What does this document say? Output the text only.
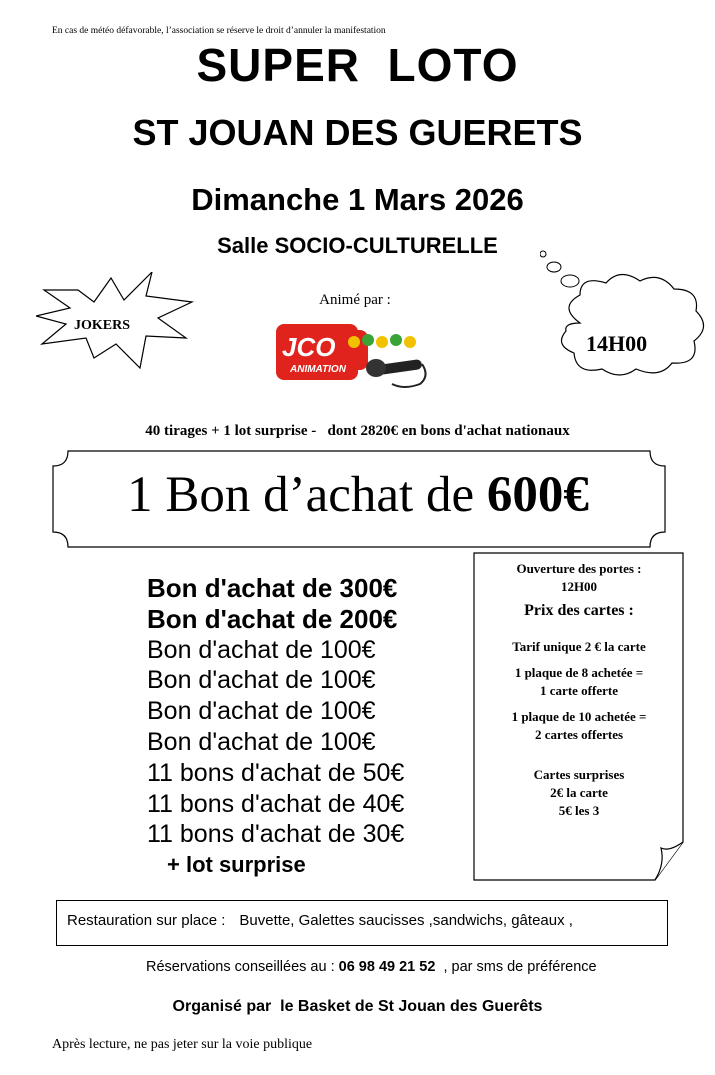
En cas de météo défavorable, l’association se réserve le droit d’annuler la manifestation
SUPER  LOTO
ST JOUAN DES GUERETS
Dimanche 1 Mars 2026
Salle SOCIO-CULTURELLE
JOKERS
Animé par :
JCO
ANIMATION
14H00
40 tirages + 1 lot surprise -   dont 2820€ en bons d'achat nationaux
1 Bon d’achat de 600€
Bon d'achat de 300€
Bon d'achat de 200€
Bon d'achat de 100€
Bon d'achat de 100€
Bon d'achat de 100€
Bon d'achat de 100€
11 bons d'achat de 50€
11 bons d'achat de 40€
11 bons d'achat de 30€
+ lot surprise
Ouverture des portes :
12H00
Prix des cartes :
Tarif unique 2 € la carte
1 plaque de 8 achetée =
1 carte offerte
1 plaque de 10 achetée =
2 cartes offertes
Cartes surprises
2€ la carte
5€ les 3
Restauration sur place : Buvette, Galettes saucisses ,sandwichs, gâteaux ,
Réservations conseillées au : 06 98 49 21 52  , par sms de préférence
Organisé par  le Basket de St Jouan des Guerêts
Après lecture, ne pas jeter sur la voie publique
